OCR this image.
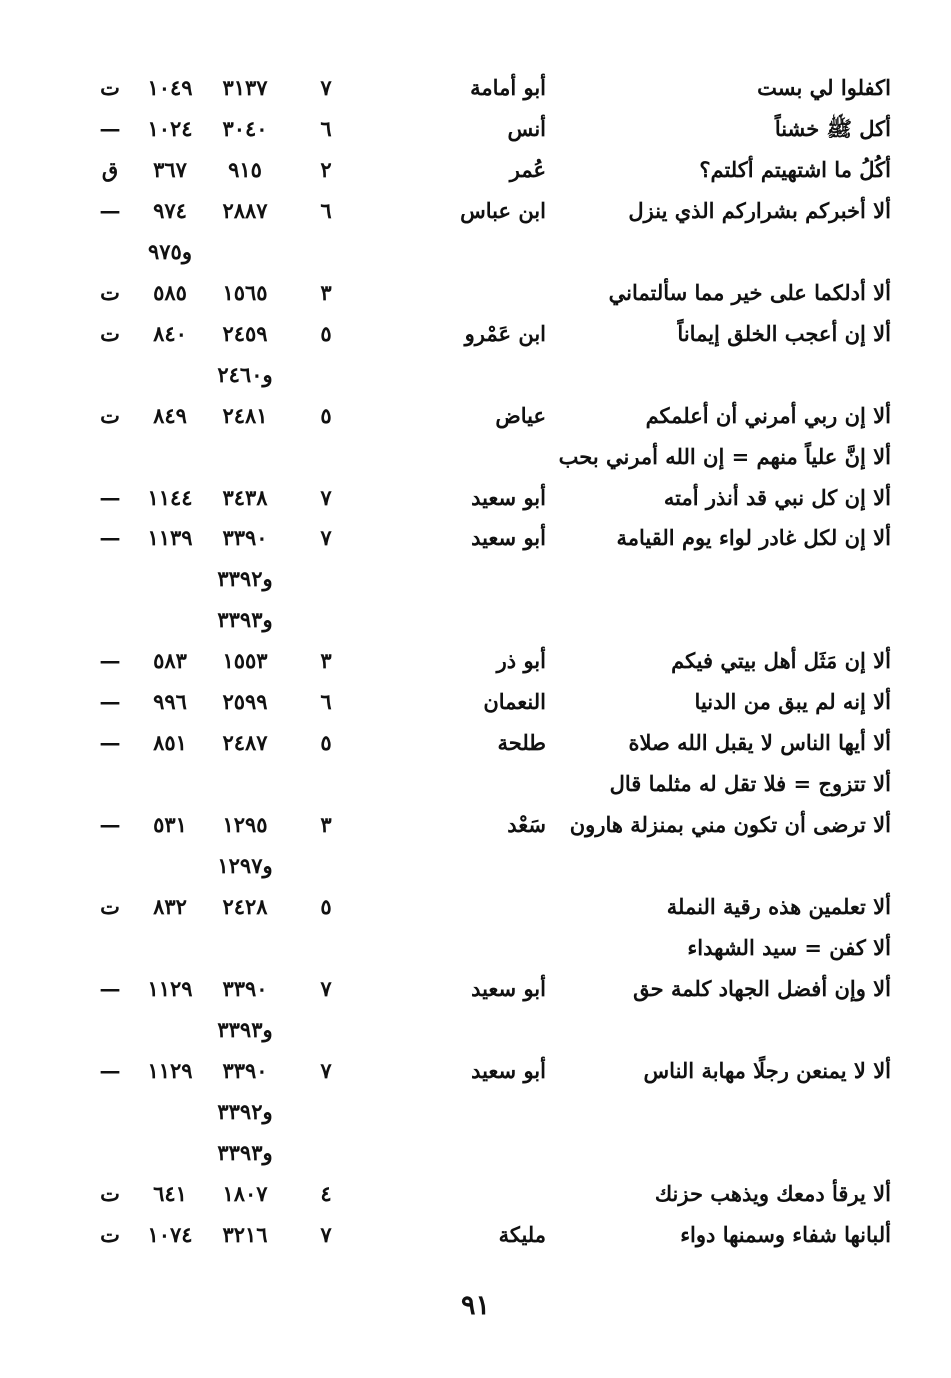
اكفلوا لي بست
أبو أمامة
٧
٣١٣٧
١٠٤٩
ت
أكل ﷺ خشناً
أنس
٦
٣٠٤٠
١٠٢٤
—
أكُلُ ما اشتهيتم أكلتم؟
عُمر
٢
٩١٥
٣٦٧
ق
ألا أخبركم بشراركم الذي ينزل
ابن عباس
٦
٢٨٨٧
٩٧٤
—
و٩٧٥
ألا أدلكما على خير مما سألتماني
٣
١٥٦٥
٥٨٥
ت
ألا إن أعجب الخلق إيماناً
ابن عَمْرو
٥
٢٤٥٩
٨٤٠
ت
و٢٤٦٠
ألا إن ربي أمرني أن أعلمكم
عياض
٥
٢٤٨١
٨٤٩
ت
ألا إنَّ علياً منهم = إن الله أمرني بحب
ألا إن كل نبي قد أنذر أمته
أبو سعيد
٧
٣٤٣٨
١١٤٤
—
ألا إن لكل غادر لواء يوم القيامة
أبو سعيد
٧
٣٣٩٠
١١٣٩
—
و٣٣٩٢
و٣٣٩٣
ألا إن مَثَل أهل بيتي فيكم
أبو ذر
٣
١٥٥٣
٥٨٣
—
ألا إنه لم يبق من الدنيا
النعمان
٦
٢٥٩٩
٩٩٦
—
ألا أيها الناس لا يقبل الله صلاة
طلحة
٥
٢٤٨٧
٨٥١
—
ألا تتزوج = فلا تقل له مثلما قال
ألا ترضى أن تكون مني بمنزلة هارون
سَعْد
٣
١٢٩٥
٥٣١
—
و١٢٩٧
ألا تعلمين هذه رقية النملة
٥
٢٤٢٨
٨٣٢
ت
ألا كفن = سيد الشهداء
ألا وإن أفضل الجهاد كلمة حق
أبو سعيد
٧
٣٣٩٠
١١٢٩
—
و٣٣٩٣
ألا لا يمنعن رجلًا مهابة الناس
أبو سعيد
٧
٣٣٩٠
١١٢٩
—
و٣٣٩٢
و٣٣٩٣
ألا يرقأ دمعك ويذهب حزنك
٤
١٨٠٧
٦٤١
ت
ألبانها شفاء وسمنها دواء
مليكة
٧
٣٢١٦
١٠٧٤
ت
٩١
